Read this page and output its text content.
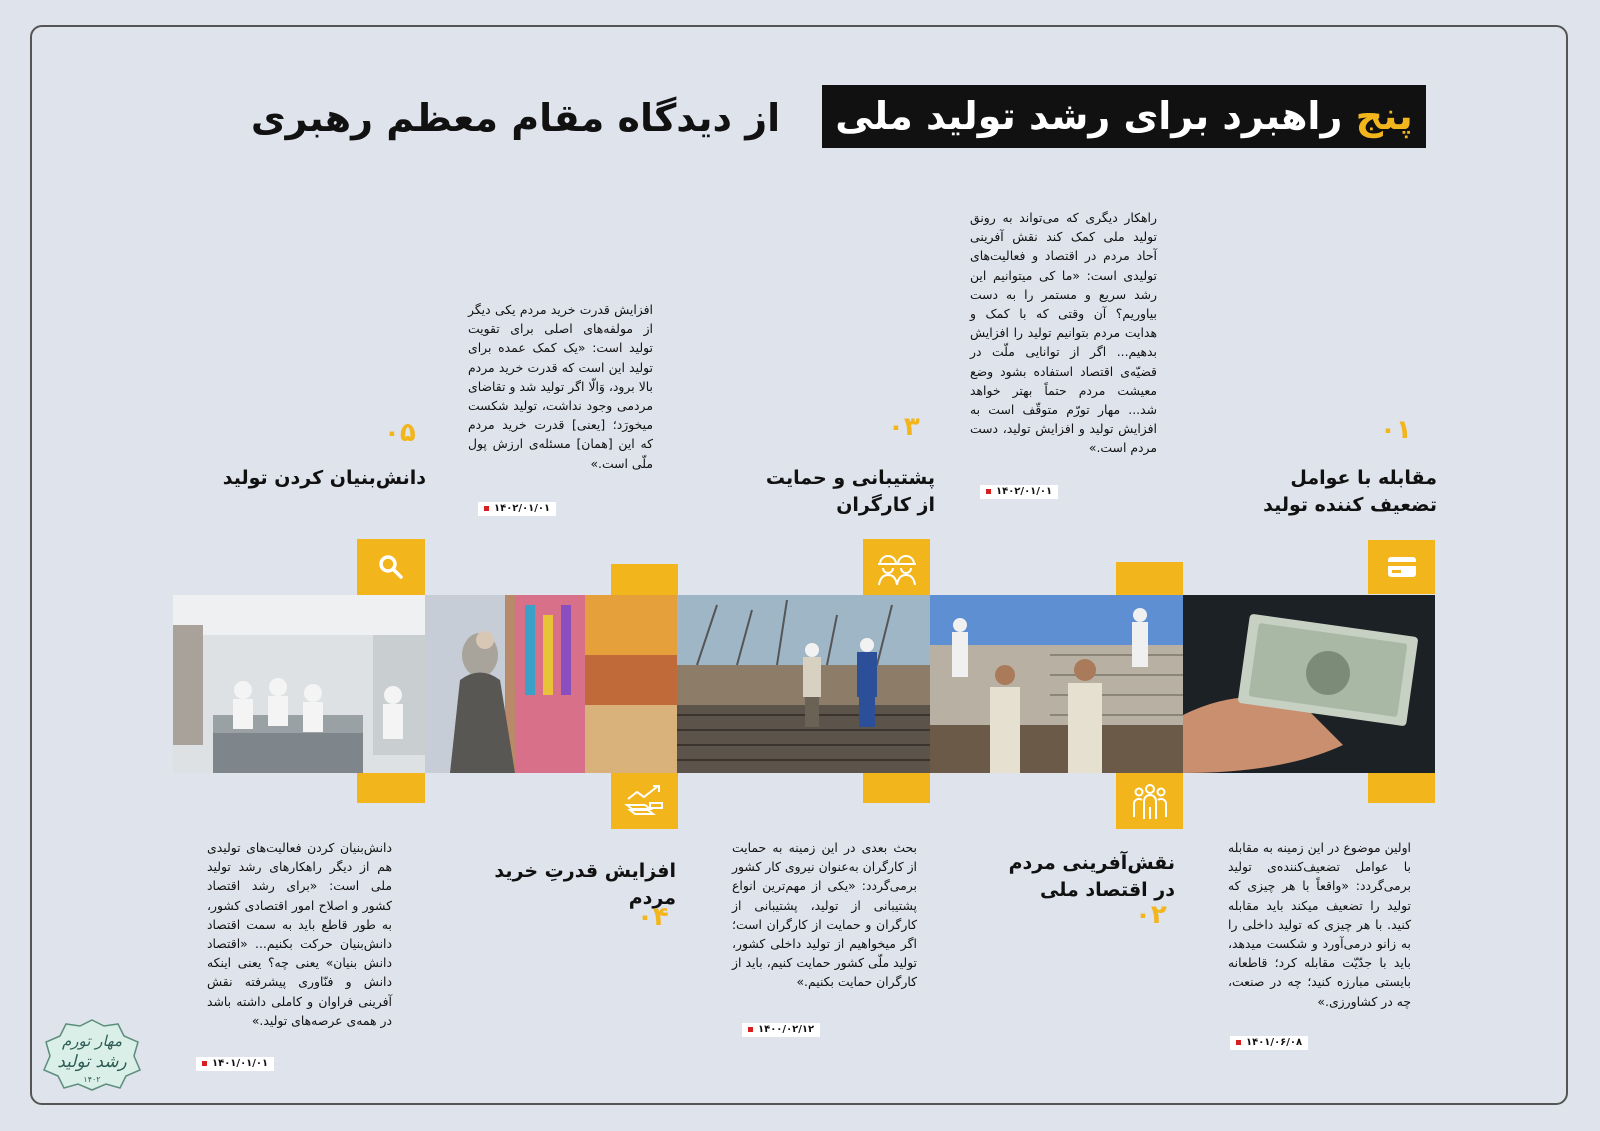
پنج راهبرد برای رشد تولید ملی
از دیدگاه مقام معظم رهبری
۰۱
مقابله با عوامل تضعیف کننده تولید
اولین موضوع در این زمینه به مقابله با عوامل تضعیف‌کننده‌ی تولید برمی‌گردد: «واقعاً با هر چیزی که تولید را تضعیف میکند باید مقابله کنید. با هر چیزی که تولید داخلی را به زانو درمی‌آورد و شکست میدهد، باید با جدّیّت مقابله کرد؛ قاطعانه بایستی مبارزه کنید؛ چه در صنعت، چه در کشاورزی.»
۱۴۰۱/۰۶/۰۸
نقش‌آفرینی مردم در اقتصاد ملی
۰۲
راهکار دیگری که می‌تواند به رونق تولید ملی کمک کند نقش آفرینی آحاد مردم در اقتصاد و فعالیت‌های تولیدی است: «ما کی میتوانیم این رشد سریع و مستمر را به دست بیاوریم؟ آن وقتی که با کمک و هدایت مردم بتوانیم تولید را افزایش بدهیم... اگر از توانایی ملّت در قضیّه‌ی اقتصاد استفاده بشود وضع معیشت مردم حتماً بهتر خواهد شد... مهار تورّم متوقّف است به افزایش تولید و افزایش تولید، دست مردم است.»
۱۴۰۲/۰۱/۰۱
۰۳
پشتیبانی و حمایت از کارگران
بحث بعدی در این زمینه به حمایت از کارگران به‌عنوان نیروی کار کشور برمی‌گردد: «یکی از مهم‌ترین انواع پشتیبانی از تولید، پشتیبانی از کارگران و حمایت از کارگران است؛ اگر میخواهیم از تولید داخلی کشور، تولید ملّی کشور حمایت کنیم، باید از کارگران حمایت بکنیم.»
۱۴۰۰/۰۲/۱۲
افزایش قدرتِ خرید مردم
۰۴
افزایش قدرت خرید مردم یکی دیگر از مولفه‌های اصلی برای تقویت تولید است: «یک کمک عمده برای تولید این است که قدرت خرید مردم بالا برود، وَالّا اگر تولید شد و تقاضای مردمی وجود نداشت، تولید شکست میخورَد؛ [یعنی] قدرت خرید مردم که این [همان] مسئله‌ی ارزش پول ملّی است.»
۱۴۰۲/۰۱/۰۱
۰۵
دانش‌بنیان کردن تولید
دانش‌بنیان کردن فعالیت‌های تولیدی هم از دیگر راهکارهای رشد تولید ملی است: «برای رشد اقتصاد کشور و اصلاح امور اقتصادی کشور، به طور قاطع باید به سمت اقتصاد دانش‌بنیان حرکت بکنیم... «اقتصاد دانش بنیان» یعنی چه؟ یعنی اینکه دانش و فنّاوری پیشرفته نقش آفرینی فراوان و کاملی داشته باشد در همه‌ی عرصه‌های تولید.»
۱۴۰۱/۰۱/۰۱
مهار تورم
رشد تولید
۱۴۰۲
